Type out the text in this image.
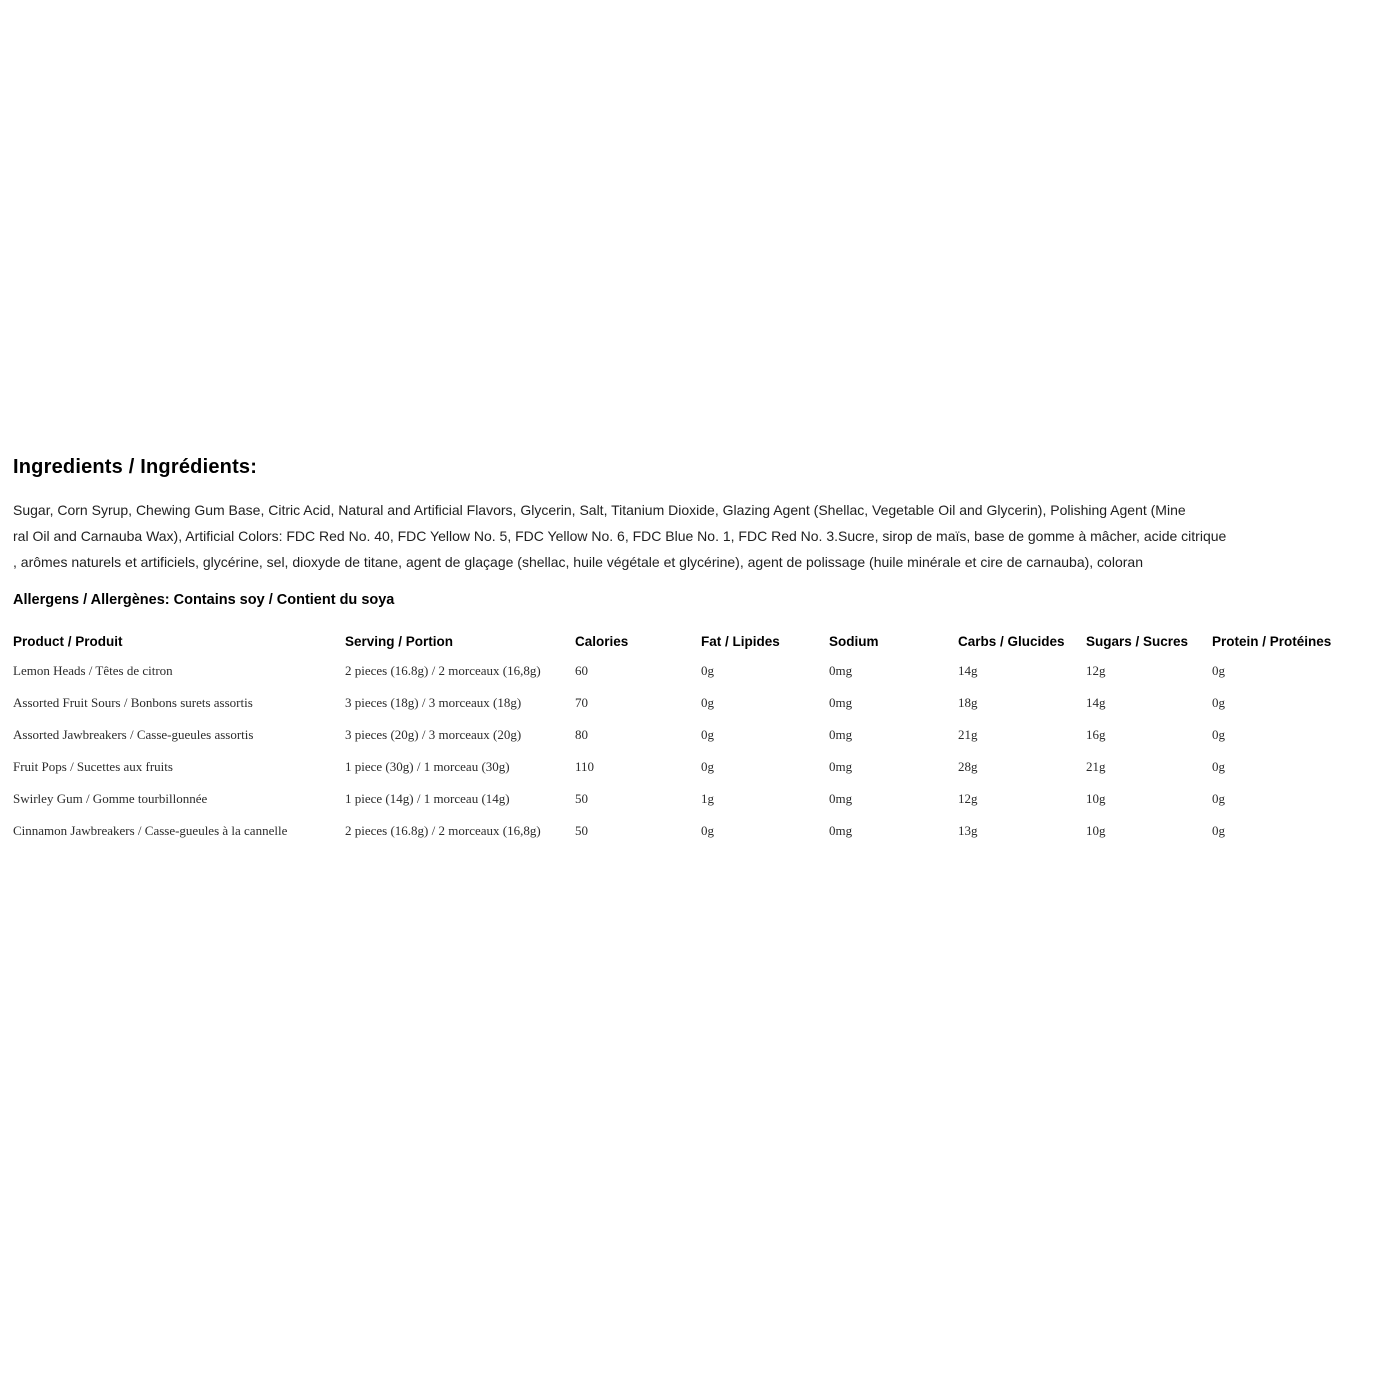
Ingredients / Ingrédients:
Sugar, Corn Syrup, Chewing Gum Base, Citric Acid, Natural and Artificial Flavors, Glycerin, Salt, Titanium Dioxide, Glazing Agent (Shellac, Vegetable Oil and Glycerin), Polishing Agent (Mine
ral Oil and Carnauba Wax), Artificial Colors: FDC Red No. 40, FDC Yellow No. 5, FDC Yellow No. 6, FDC Blue No. 1, FDC Red No. 3.Sucre, sirop de maïs, base de gomme à mâcher, acide citrique
, arômes naturels et artificiels, glycérine, sel, dioxyde de titane, agent de glaçage (shellac, huile végétale et glycérine), agent de polissage (huile minérale et cire de carnauba), coloran
Allergens / Allergènes: Contains soy / Contient du soya
Product / Produit	Serving / Portion	Calories	Fat / Lipides	Sodium	Carbs / Glucides	Sugars / Sucres	Protein / Protéines
Lemon Heads / Têtes de citron	2 pieces (16.8g) / 2 morceaux (16,8g)	60	0g	0mg	14g	12g	0g
Assorted Fruit Sours / Bonbons surets assortis	3 pieces (18g) / 3 morceaux (18g)	70	0g	0mg	18g	14g	0g
Assorted Jawbreakers / Casse-gueules assortis	3 pieces (20g) / 3 morceaux (20g)	80	0g	0mg	21g	16g	0g
Fruit Pops / Sucettes aux fruits	1 piece (30g) / 1 morceau (30g)	110	0g	0mg	28g	21g	0g
Swirley Gum / Gomme tourbillonnée	1 piece (14g) / 1 morceau (14g)	50	1g	0mg	12g	10g	0g
Cinnamon Jawbreakers / Casse-gueules à la cannelle	2 pieces (16.8g) / 2 morceaux (16,8g)	50	0g	0mg	13g	10g	0g
